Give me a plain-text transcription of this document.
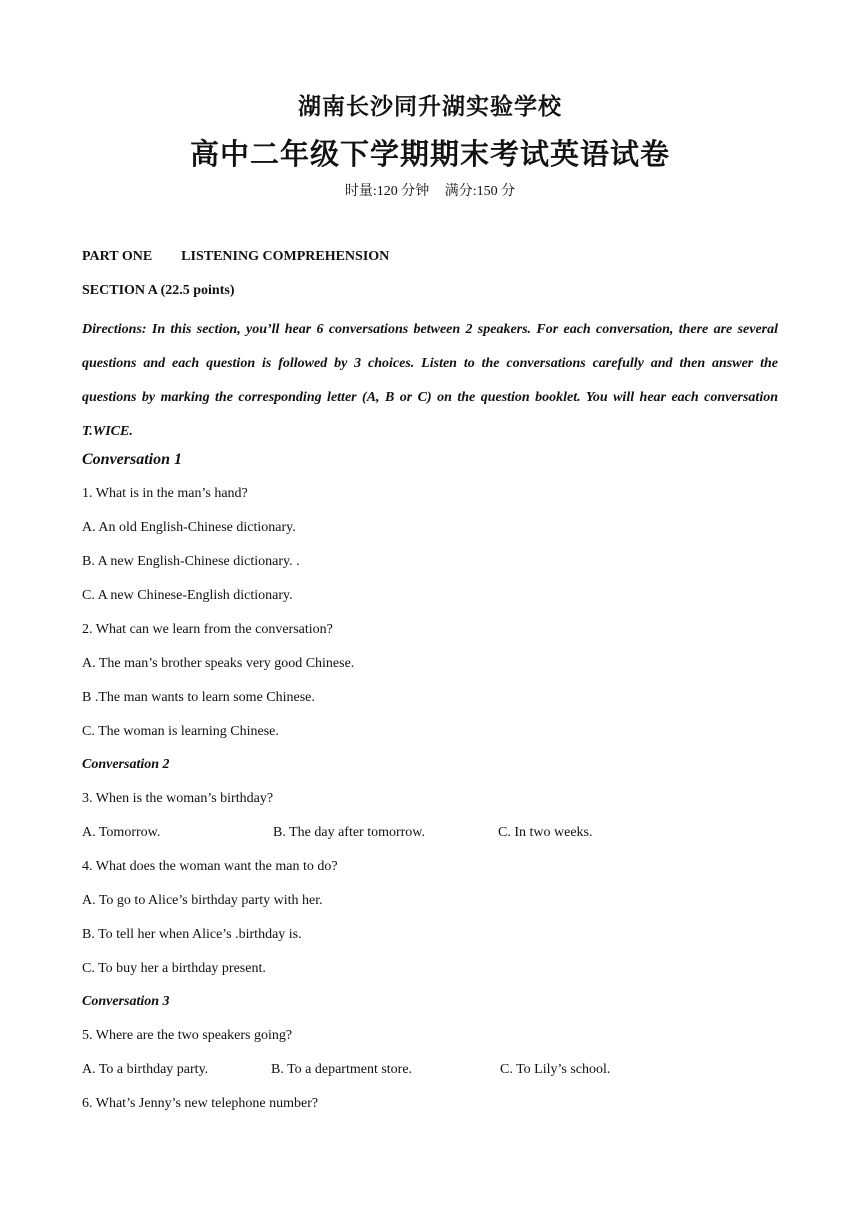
湖南长沙同升湖实验学校
高中二年级下学期期末考试英语试卷
时量:120 分钟 满分:150 分
PART ONE LISTENING COMPREHENSION
SECTION A (22.5 points)
Directions: In this section, you’ll hear 6 conversations between 2 speakers. For each conversation, there are several questions and each question is followed by 3 choices. Listen to the conversations carefully and then answer the questions by marking the corresponding letter (A, B or C) on the question booklet. You will hear each conversation T.WICE.
Conversation 1
1. What is in the man’s hand?
A. An old English-Chinese dictionary.
B. A new English-Chinese dictionary. .
C. A new Chinese-English dictionary.
2. What can we learn from the conversation?
A. The man’s brother speaks very good Chinese.
B .The man wants to learn some Chinese.
C. The woman is learning Chinese.
Conversation 2
3. When is the woman’s birthday?
A. Tomorrow.	B. The day after tomorrow.	C. In two weeks.
4. What does the woman want the man to do?
A. To go to Alice’s birthday party with her.
B. To tell her when Alice’s .birthday is.
C. To buy her a birthday present.
Conversation 3
5. Where are the two speakers going?
A. To a birthday party.	B. To a department store.	C. To Lily’s school.
6. What’s Jenny’s new telephone number?
